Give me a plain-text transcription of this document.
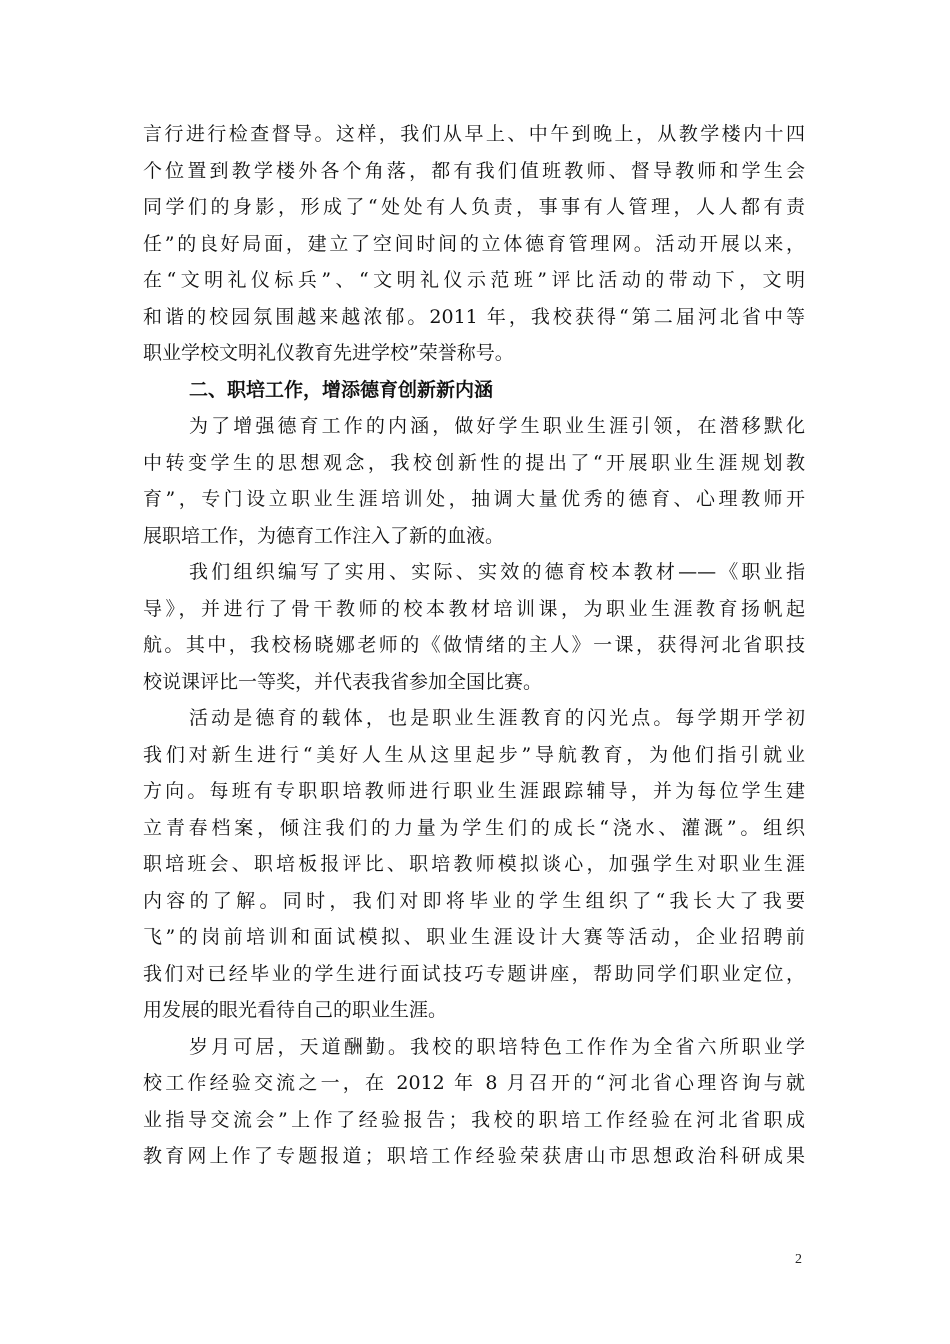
言行进行检查督导。这样，我们从早上、中午到晚上，从教学楼内十四
个位置到教学楼外各个角落，都有我们值班教师、督导教师和学生会
同学们的身影，形成了“处处有人负责，事事有人管理，人人都有责
任”的良好局面，建立了空间时间的立体德育管理网。活动开展以来，
在“文明礼仪标兵”、“文明礼仪示范班”评比活动的带动下，文明
和谐的校园氛围越来越浓郁。2011 年，我校获得“第二届河北省中等
职业学校文明礼仪教育先进学校”荣誉称号。
二、职培工作，增添德育创新新内涵
为了增强德育工作的内涵，做好学生职业生涯引领，在潜移默化
中转变学生的思想观念，我校创新性的提出了“开展职业生涯规划教
育”，专门设立职业生涯培训处，抽调大量优秀的德育、心理教师开
展职培工作，为德育工作注入了新的血液。
我们组织编写了实用、实际、实效的德育校本教材——《职业指
导》，并进行了骨干教师的校本教材培训课，为职业生涯教育扬帆起
航。其中，我校杨晓娜老师的《做情绪的主人》一课，获得河北省职技
校说课评比一等奖，并代表我省参加全国比赛。
活动是德育的载体，也是职业生涯教育的闪光点。每学期开学初
我们对新生进行“美好人生从这里起步”导航教育，为他们指引就业
方向。每班有专职职培教师进行职业生涯跟踪辅导，并为每位学生建
立青春档案，倾注我们的力量为学生们的成长“浇水、灌溉”。组织
职培班会、职培板报评比、职培教师模拟谈心，加强学生对职业生涯
内容的了解。同时，我们对即将毕业的学生组织了“我长大了我要
飞”的岗前培训和面试模拟、职业生涯设计大赛等活动，企业招聘前
我们对已经毕业的学生进行面试技巧专题讲座，帮助同学们职业定位，
用发展的眼光看待自己的职业生涯。
岁月可居，天道酬勤。我校的职培特色工作作为全省六所职业学
校工作经验交流之一，在 2012 年 8 月召开的“河北省心理咨询与就
业指导交流会”上作了经验报告；我校的职培工作经验在河北省职成
教育网上作了专题报道；职培工作经验荣获唐山市思想政治科研成果
2
